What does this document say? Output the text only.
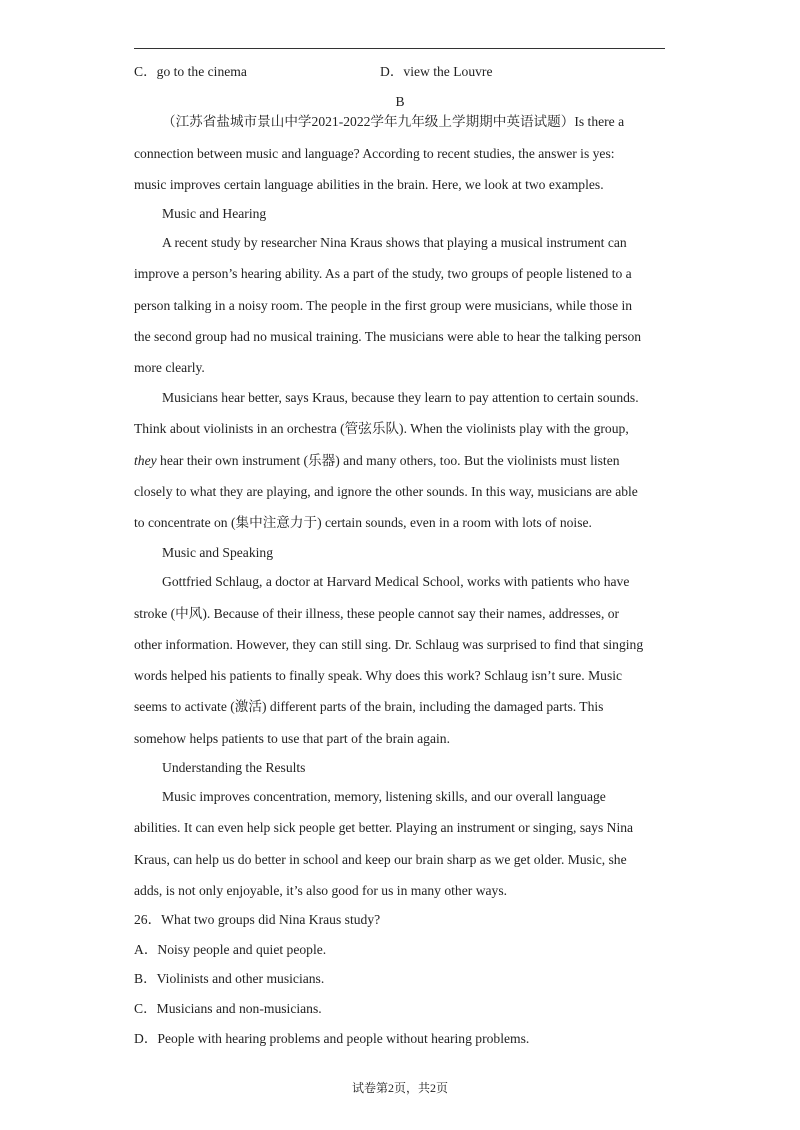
C．go to the cinema	D．view the Louvre
B
（江苏省盐城市景山中学2021-2022学年九年级上学期期中英语试题）Is there a
connection between music and language? According to recent studies, the answer is yes:
music improves certain language abilities in the brain. Here, we look at two examples.
Music and Hearing
A recent study by researcher Nina Kraus shows that playing a musical instrument can
improve a person’s hearing ability. As a part of the study, two groups of people listened to a
person talking in a noisy room. The people in the first group were musicians, while those in
the second group had no musical training. The musicians were able to hear the talking person
more clearly.
Musicians hear better, says Kraus, because they learn to pay attention to certain sounds.
Think about violinists in an orchestra (管弦乐队). When the violinists play with the group,
they hear their own instrument (乐器) and many others, too. But the violinists must listen
closely to what they are playing, and ignore the other sounds. In this way, musicians are able
to concentrate on (集中注意力于) certain sounds, even in a room with lots of noise.
Music and Speaking
Gottfried Schlaug, a doctor at Harvard Medical School, works with patients who have
stroke (中风). Because of their illness, these people cannot say their names, addresses, or
other information. However, they can still sing. Dr. Schlaug was surprised to find that singing
words helped his patients to finally speak. Why does this work? Schlaug isn’t sure. Music
seems to activate (激活) different parts of the brain, including the damaged parts. This
somehow helps patients to use that part of the brain again.
Understanding the Results
Music improves concentration, memory, listening skills, and our overall language
abilities. It can even help sick people get better. Playing an instrument or singing, says Nina
Kraus, can help us do better in school and keep our brain sharp as we get older. Music, she
adds, is not only enjoyable, it’s also good for us in many other ways.
26．What two groups did Nina Kraus study?
A．Noisy people and quiet people.
B．Violinists and other musicians.
C．Musicians and non-musicians.
D．People with hearing problems and people without hearing problems.
试卷第2页，共2页
